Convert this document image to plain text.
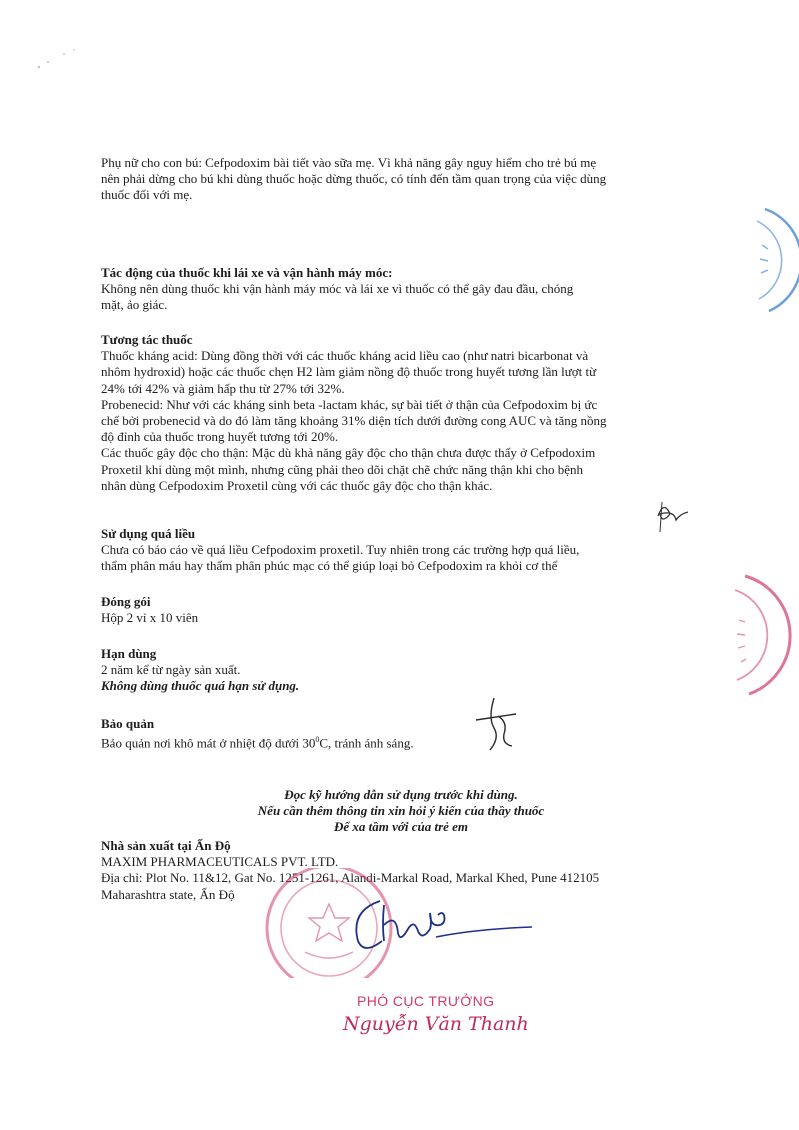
Phụ nữ cho con bú: Cefpodoxim bài tiết vào sữa mẹ. Vì khả năng gây nguy hiểm cho trẻ bú mẹ
nên phải dừng cho bú khi dùng thuốc hoặc dừng thuốc, có tính đến tầm quan trọng của việc dùng
thuốc đối với mẹ.
Tác động của thuốc khi lái xe và vận hành máy móc:
Không nên dùng thuốc khi vận hành máy móc và lái xe vì thuốc có thể gây đau đầu, chóng
mặt, ảo giác.
Tương tác thuốc
Thuốc kháng acid: Dùng đồng thời với các thuốc kháng acid liều cao (như natri bicarbonat và
nhôm hydroxid) hoặc các thuốc chẹn H2 làm giảm nồng độ thuốc trong huyết tương lần lượt từ
24% tới 42% và giảm hấp thu từ 27% tới 32%.
Probenecid: Như với các kháng sinh beta -lactam khác, sự bài tiết ở thận của Cefpodoxim bị ức
chế bởi probenecid và do đó làm tăng khoảng 31% diện tích dưới đường cong AUC và tăng nồng
độ đỉnh của thuốc trong huyết tương tới 20%.
Các thuốc gây độc cho thận: Mặc dù khả năng gây độc cho thận chưa được thấy ở Cefpodoxim
Proxetil khi dùng một mình, nhưng cũng phải theo dõi chặt chẽ chức năng thận khi cho bệnh
nhân dùng Cefpodoxim Proxetil cùng với các thuốc gây độc cho thận khác.
Sử dụng quá liều
Chưa có báo cáo về quá liều Cefpodoxim proxetil. Tuy nhiên trong các trường hợp quá liều,
thẩm phân máu hay thẩm phân phúc mạc có thể giúp loại bỏ Cefpodoxim ra khỏi cơ thể
Đóng gói
Hộp 2 vỉ x 10 viên
Hạn dùng
2 năm kể từ ngày sản xuất.
Không dùng thuốc quá hạn sử dụng.
Bảo quản
Bảo quản nơi khô mát ở nhiệt độ dưới $30^0C$, tránh ánh sáng.
Đọc kỹ hướng dẫn sử dụng trước khi dùng.
Nếu cần thêm thông tin xin hỏi ý kiến của thầy thuốc
Để xa tầm với của trẻ em
Nhà sản xuất tại Ấn Độ
MAXIM PHARMACEUTICALS PVT. LTD.
Địa chỉ: Plot No. 11&12, Gat No. 1251-1261, Alandi-Markal Road, Markal Khed, Pune 412105
Maharashtra state, Ấn Độ
PHÓ CỤC TRƯỞNG
Nguyễn Văn Thanh
